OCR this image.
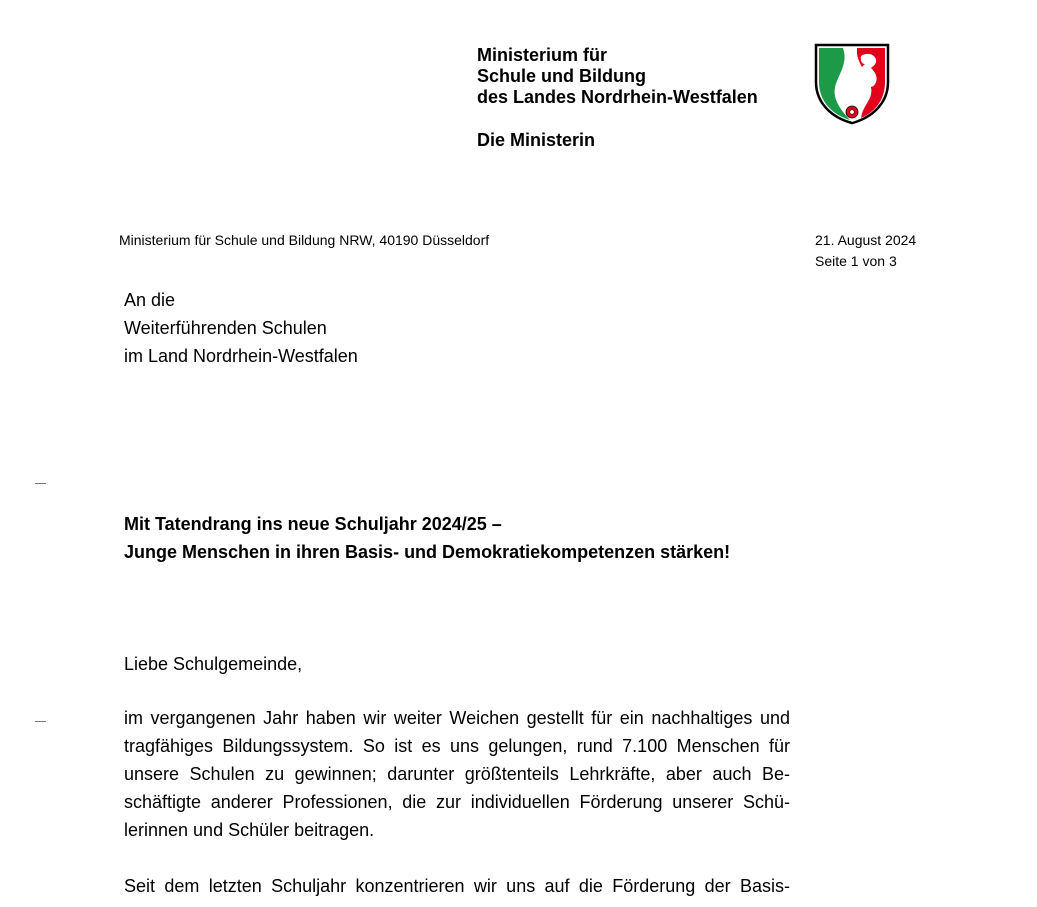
Ministerium für
Schule und Bildung
des Landes Nordrhein-Westfalen
Die Ministerin
Ministerium für Schule und Bildung NRW, 40190 Düsseldorf	21. August 2024
Seite 1 von 3
An die
Weiterführenden Schulen
im Land Nordrhein-Westfalen
Mit Tatendrang ins neue Schuljahr 2024/25 –
Junge Menschen in ihren Basis- und Demokratiekompetenzen stärken!
Liebe Schulgemeinde,
im vergangenen Jahr haben wir weiter Weichen gestellt für ein nachhaltiges und
tragfähiges Bildungssystem. So ist es uns gelungen, rund 7.100 Menschen für
unsere Schulen zu gewinnen; darunter größtenteils Lehrkräfte, aber auch Be-
schäftigte anderer Professionen, die zur individuellen Förderung unserer Schü-
lerinnen und Schüler beitragen.
Seit dem letzten Schuljahr konzentrieren wir uns auf die Förderung der Basis-
